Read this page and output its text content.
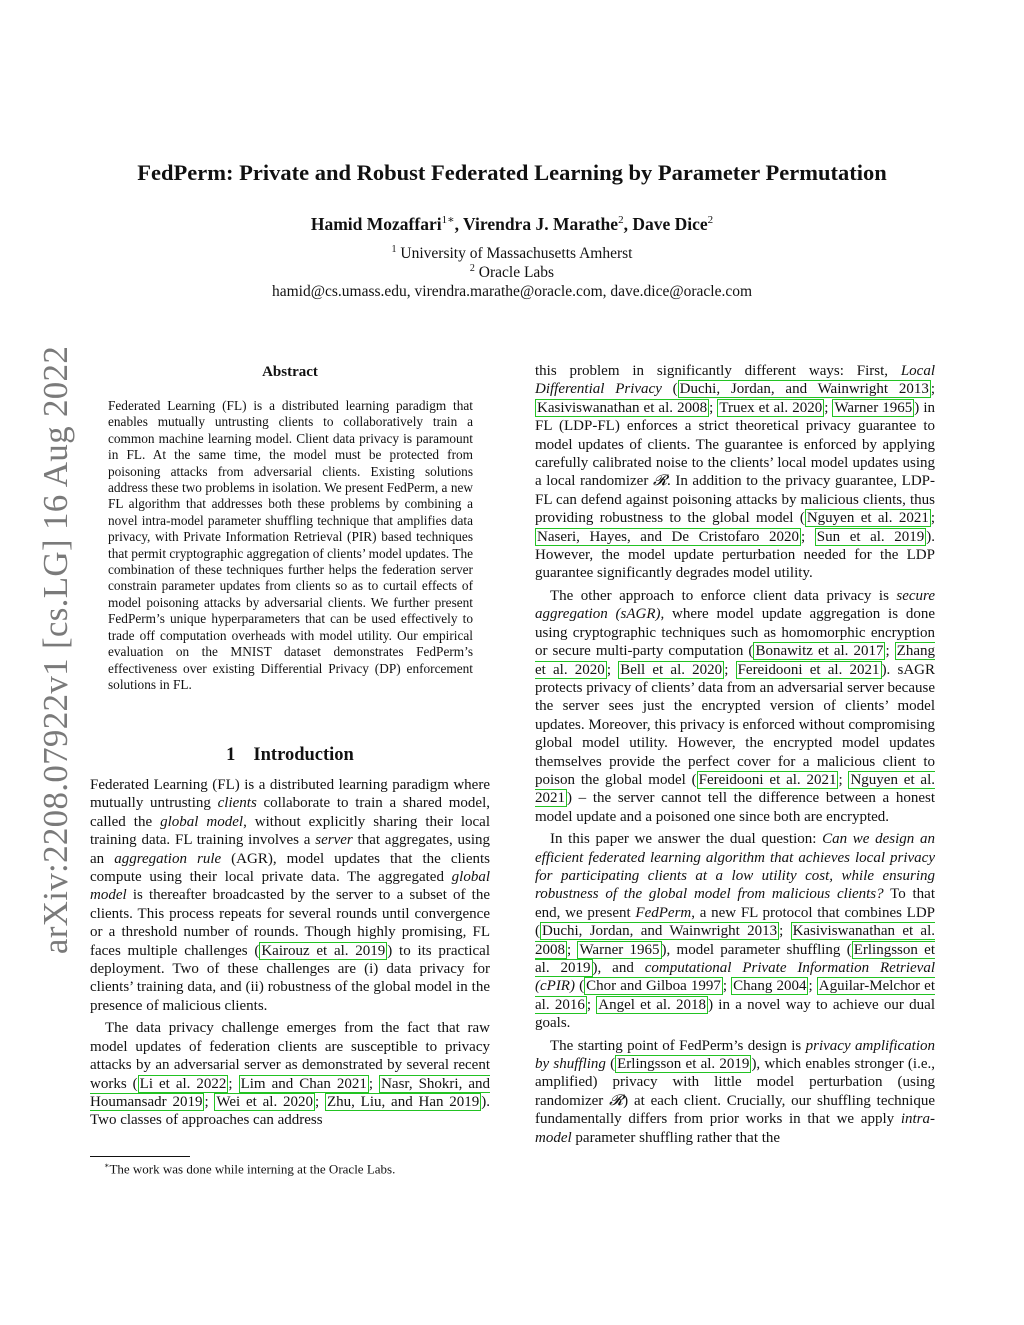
arXiv:2208.07922v1 [cs.LG] 16 Aug 2022
FedPerm: Private and Robust Federated Learning by Parameter Permutation
Hamid Mozaffari$^{1∗}$, Virendra J. Marathe$^2$, Dave Dice$^2$
$^1$ University of Massachusetts Amherst
$^2$ Oracle Labs
hamid@cs.umass.edu, virendra.marathe@oracle.com, dave.dice@oracle.com
Abstract
Federated Learning (FL) is a distributed learning paradigm that enables mutually untrusting clients to collaboratively train a common machine learning model. Client data privacy is paramount in FL. At the same time, the model must be protected from poisoning attacks from adversarial clients. Existing solutions address these two problems in isolation. We present FedPerm, a new FL algorithm that addresses both these problems by combining a novel intra-model parameter shuffling technique that amplifies data privacy, with Private Information Retrieval (PIR) based techniques that permit cryptographic aggregation of clients’ model updates. The combination of these techniques further helps the federation server constrain parameter updates from clients so as to curtail effects of model poisoning attacks by adversarial clients. We further present FedPerm’s unique hyperparameters that can be used effectively to trade off computation overheads with model utility. Our empirical evaluation on the MNIST dataset demonstrates FedPerm’s effectiveness over existing Differential Privacy (DP) enforcement solutions in FL.
1 Introduction

Federated Learning (FL) is a distributed learning paradigm where mutually untrusting clients collaborate to train a shared model, called the global model, without explicitly sharing their local training data. FL training involves a server that aggregates, using an aggregation rule (AGR), model updates that the clients compute using their local private data. The aggregated global model is thereafter broadcasted by the server to a subset of the clients. This process repeats for several rounds until convergence or a threshold number of rounds. Though highly promising, FL faces multiple challenges ( Kairouz et al. 2019 ) to its practical deployment. Two of these challenges are (i) data privacy for clients’ training data, and (ii) robustness of the global model in the presence of malicious clients.

The data privacy challenge emerges from the fact that raw model updates of federation clients are susceptible to privacy attacks by an adversarial server as demonstrated by several recent works ( Li et al. 2022 ; Lim and Chan 2021 ; Nasr, Shokri, and Houmansadr 2019 ; Wei et al. 2020 ; Zhu, Liu, and Han 2019 ). Two classes of approaches can address

∗The work was done while interning at the Oracle Labs.

this problem in significantly different ways: First, Local Differential Privacy ( Duchi, Jordan, and Wainwright 2013 ; Kasiviswanathan et al. 2008 ; Truex et al. 2020 ; Warner 1965 ) in FL (LDP-FL) enforces a strict theoretical privacy guarantee to model updates of clients. The guarantee is enforced by applying carefully calibrated noise to the clients’ local model updates using a local randomizer 𝓡. In addition to the privacy guarantee, LDP-FL can defend against poisoning attacks by malicious clients, thus providing robustness to the global model ( Nguyen et al. 2021 ; Naseri, Hayes, and De Cristofaro 2020 ; Sun et al. 2019 ). However, the model update perturbation needed for the LDP guarantee significantly degrades model utility.

The other approach to enforce client data privacy is secure aggregation (sAGR), where model update aggregation is done using cryptographic techniques such as homomorphic encryption or secure multi-party computation ( Bonawitz et al. 2017 ; Zhang et al. 2020 ; Bell et al. 2020 ; Fereidooni et al. 2021 ). sAGR protects privacy of clients’ data from an adversarial server because the server sees just the encrypted version of clients’ model updates. Moreover, this privacy is enforced without compromising global model utility. However, the encrypted model updates themselves provide the perfect cover for a malicious client to poison the global model ( Fereidooni et al. 2021 ; Nguyen et al. 2021 ) – the server cannot tell the difference between a honest model update and a poisoned one since both are encrypted.

In this paper we answer the dual question: Can we design an efficient federated learning algorithm that achieves local privacy for participating clients at a low utility cost, while ensuring robustness of the global model from malicious clients? To that end, we present FedPerm, a new FL protocol that combines LDP ( Duchi, Jordan, and Wainwright 2013 ; Kasiviswanathan et al. 2008 ; Warner 1965 ), model parameter shuffling ( Erlingsson et al. 2019 ), and computational Private Information Retrieval (cPIR) ( Chor and Gilboa 1997 ; Chang 2004 ; Aguilar-Melchor et al. 2016 ; Angel et al. 2018 ) in a novel way to achieve our dual goals.

The starting point of FedPerm’s design is privacy amplification by shuffling ( Erlingsson et al. 2019 ), which enables stronger (i.e., amplified) privacy with little model perturbation (using randomizer 𝓡) at each client. Crucially, our shuffling technique fundamentally differs from prior works in that we apply intra-model parameter shuffling rather that the
